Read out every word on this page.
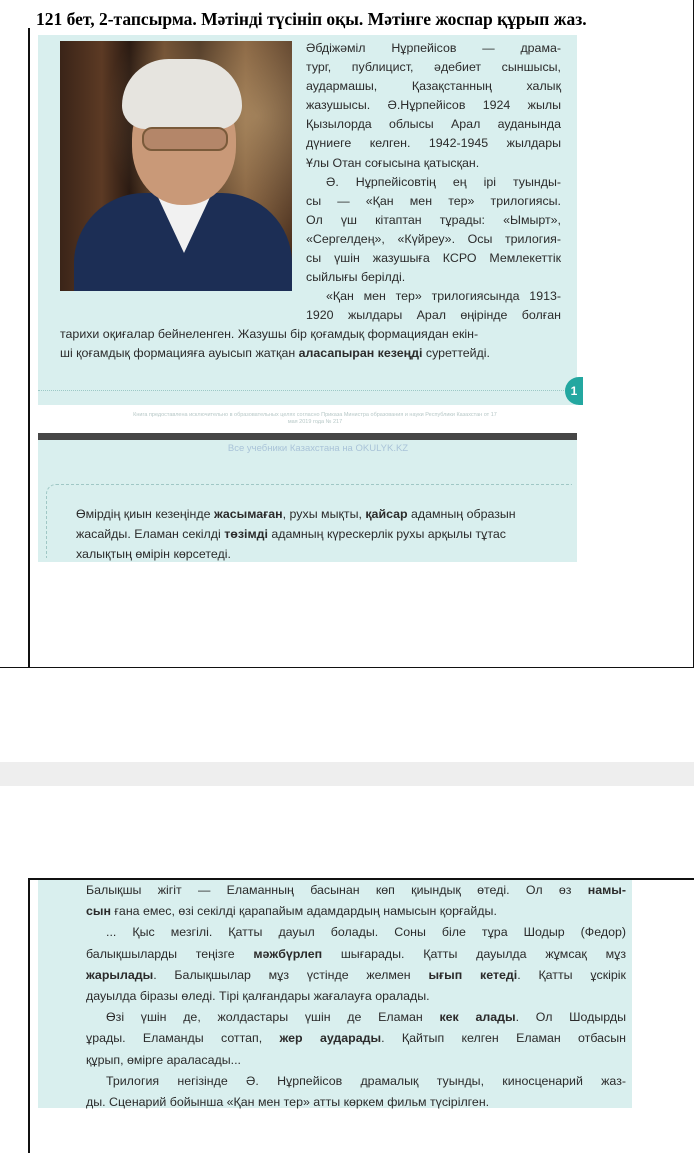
121 бет, 2-тапсырма. Мәтінді түсініп оқы. Мәтінге жоспар құрып жаз.
Әбдіжәміл Нұрпейісов — драма-
тург, публицист, әдебиет сыншысы,
аудармашы, Қазақстанның халық
жазушысы. Ә.Нұрпейісов 1924 жылы
Қызылорда облысы Арал ауданында
дүниеге келген. 1942-1945 жылдары
Ұлы Отан соғысына қатысқан.
Ә. Нұрпейісовтің ең ірі туынды-
сы — «Қан мен тер» трилогиясы.
Ол үш кітаптан тұрады: «Ымырт»,
«Сергелдең», «Күйреу». Осы трилогия-
сы үшін жазушыға КСРО Мемлекеттік
сыйлығы берілді.
«Қан мен тер» трилогиясында 1913-
1920 жылдары Арал өңірінде болған
тарихи оқиғалар бейнеленген. Жазушы бір қоғамдық формациядан екін-
ші қоғамдық формацияға ауысып жатқан аласапыран кезеңді суреттейді.
1
Книга предоставлена исключительно в образовательных целях согласно Приказа Министра образования и науки Республики Казахстан от 17 мая 2019 года № 217
Все учебники Казахстана на OKULYK.KZ
Өмірдің қиын кезеңінде жасымаған, рухы мықты, қайсар адамның образын
жасайды. Еламан секілді төзімді адамның күрескерлік рухы арқылы тұтас
халықтың өмірін көрсетеді.
Балықшы жігіт — Еламанның басынан көп қиындық өтеді. Ол өз намы-
сын ғана емес, өзі секілді қарапайым адамдардың намысын қорғайды.
... Қыс мезгілі. Қатты дауыл болады. Соны біле тұра Шодыр (Федор)
балықшыларды теңізге мәжбүрлеп шығарады. Қатты дауылда жұмсақ мұз
жарылады. Балықшылар мұз үстінде желмен ығып кетеді. Қатты ұскірік
дауылда біразы өледі. Тірі қалғандары жағалауға оралады.
Өзі үшін де, жолдастары үшін де Еламан кек алады. Ол Шодырды
ұрады. Еламанды соттап, жер аударады. Қайтып келген Еламан отбасын
құрып, өмірге араласады...
Трилогия негізінде Ә. Нұрпейісов драмалық туынды, киносценарий жаз-
ды. Сценарий бойынша «Қан мен тер» атты көркем фильм түсірілген.
